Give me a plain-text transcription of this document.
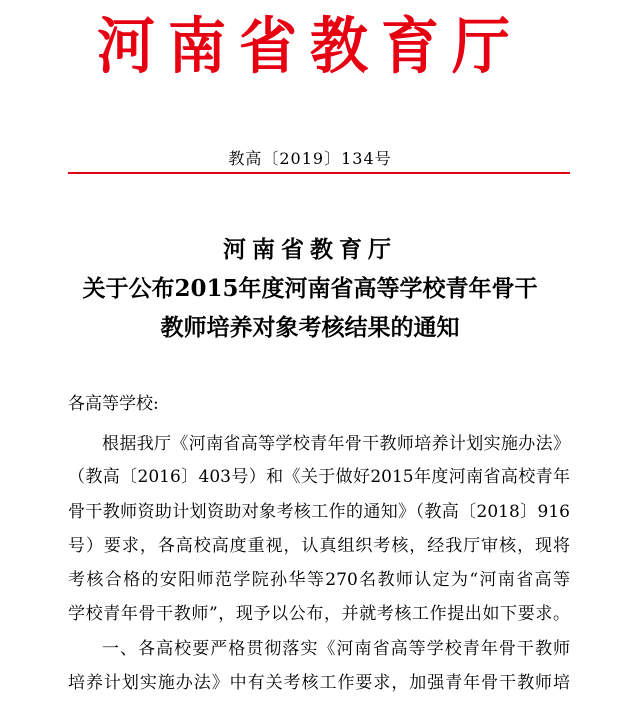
河南省教育厅
教高〔2019〕134号
河南省教育厅
关于公布2015年度河南省高等学校青年骨干
教师培养对象考核结果的通知
各高等学校:
根据我厅《河南省高等学校青年骨干教师培养计划实施办法》
（教高〔2016〕403号）和《关于做好2015年度河南省高校青年
骨干教师资助计划资助对象考核工作的通知》（教高〔2018〕916
号）要求，各高校高度重视，认真组织考核，经我厅审核，现将
考核合格的安阳师范学院孙华等270名教师认定为“河南省高等
学校青年骨干教师”，现予以公布，并就考核工作提出如下要求。
一、各高校要严格贯彻落实《河南省高等学校青年骨干教师
培养计划实施办法》中有关考核工作要求，加强青年骨干教师培
